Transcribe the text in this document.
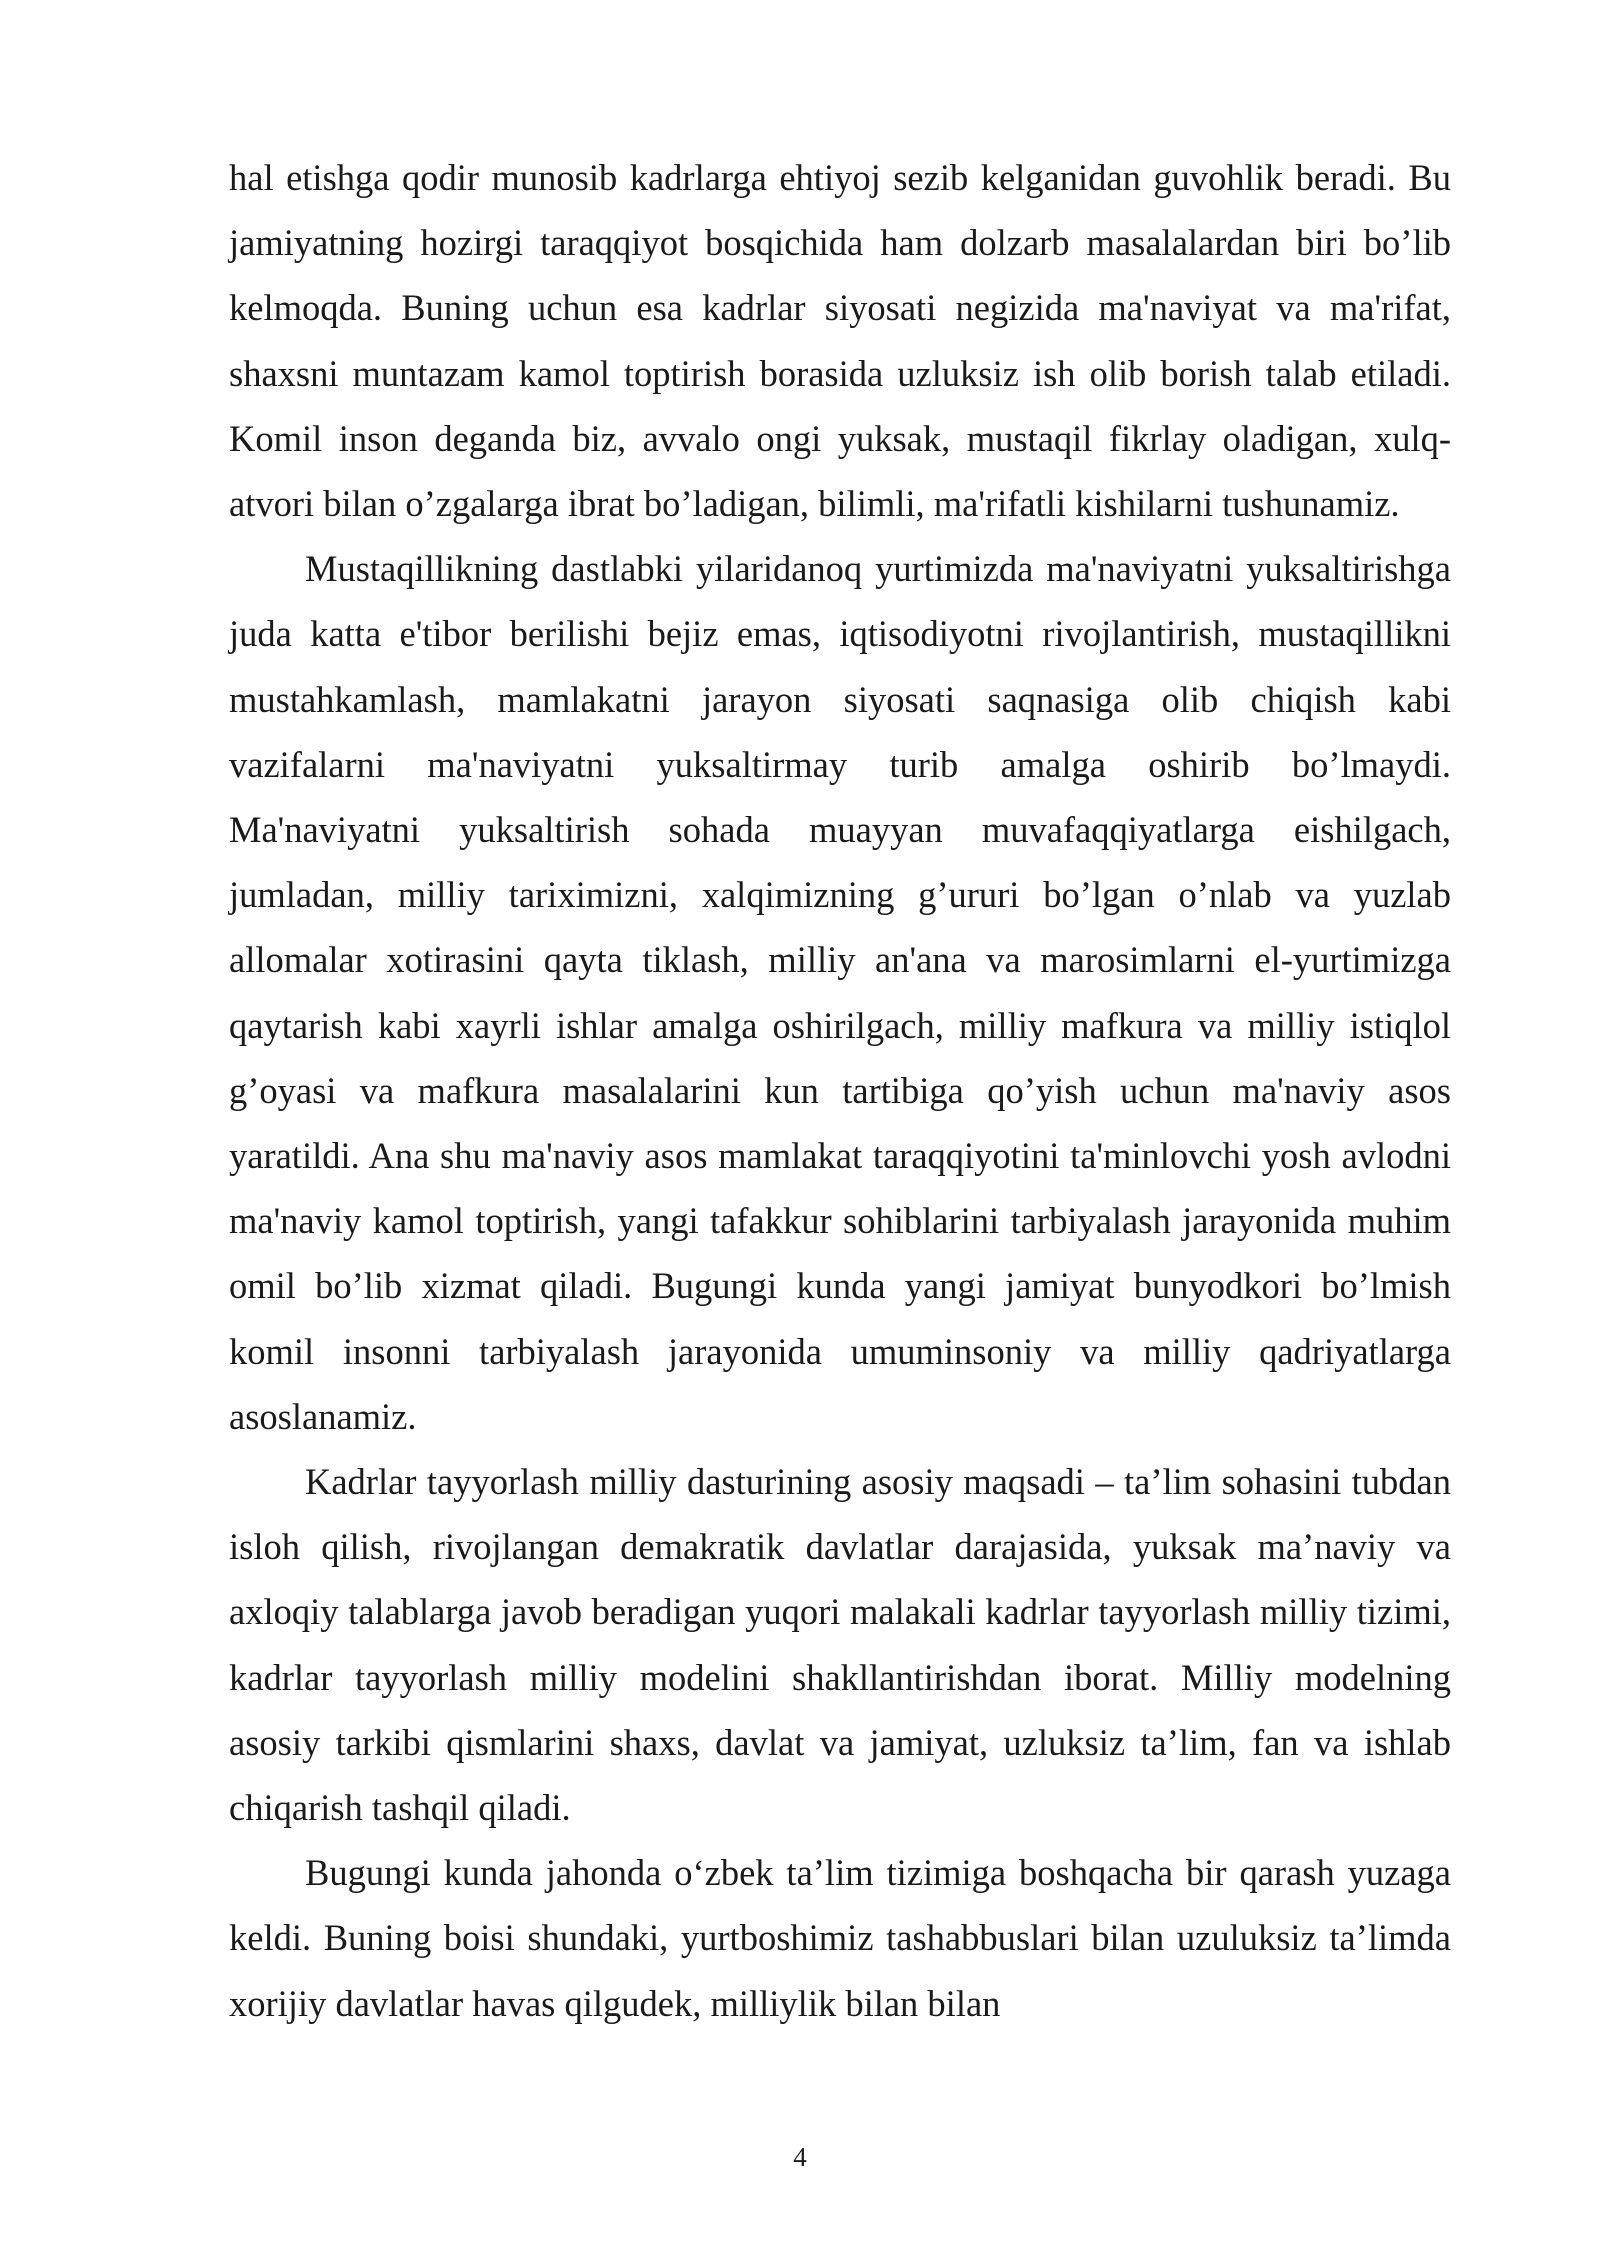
hal etishga qodir munosib kadrlarga ehtiyoj sezib kelganidan guvohlik beradi. Bu jamiyatning hozirgi taraqqiyot bosqichida ham dolzarb masalalardan biri bo’lib kelmoqda. Buning uchun esa kadrlar siyosati negizida ma'naviyat va ma'rifat, shaxsni muntazam kamol toptirish borasida uzluksiz ish olib borish talab etiladi. Komil inson deganda biz, avvalo ongi yuksak, mustaqil fikrlay oladigan, xulq-atvori bilan o’zgalarga ibrat bo’ladigan, bilimli, ma'rifatli kishilarni tushunamiz.

Mustaqillikning dastlabki yilaridanoq yurtimizda ma'naviyatni yuksaltirishga juda katta e'tibor berilishi bejiz emas, iqtisodiyotni rivojlantirish, mustaqillikni mustahkamlash, mamlakatni jarayon siyosati saqnasiga olib chiqish kabi vazifalarni ma'naviyatni yuksaltirmay turib amalga oshirib bo’lmaydi. Ma'naviyatni yuksaltirish sohada muayyan muvafaqqiyatlarga eishilgach, jumladan, milliy tariximizni, xalqimizning g’ururi bo’lgan o’nlab va yuzlab allomalar xotirasini qayta tiklash, milliy an'ana va marosimlarni el-yurtimizga qaytarish kabi xayrli ishlar amalga oshirilgach, milliy mafkura va milliy istiqlol g’oyasi va mafkura masalalarini kun tartibiga qo’yish uchun ma'naviy asos yaratildi. Ana shu ma'naviy asos mamlakat taraqqiyotini ta'minlovchi yosh avlodni ma'naviy kamol toptirish, yangi tafakkur sohiblarini tarbiyalash jarayonida muhim omil bo’lib xizmat qiladi. Bugungi kunda yangi jamiyat bunyodkori bo’lmish komil insonni tarbiyalash jarayonida umuminsoniy va milliy qadriyatlarga asoslanamiz.

Kadrlar tayyorlash milliy dasturining asosiy maqsadi – ta’lim sohasini tubdan isloh qilish, rivojlangan demakratik davlatlar darajasida, yuksak ma’naviy va axloqiy talablarga javob beradigan yuqori malakali kadrlar tayyorlash milliy tizimi, kadrlar tayyorlash milliy modelini shakllantirishdan iborat. Milliy modelning asosiy tarkibi qismlarini shaxs, davlat va jamiyat, uzluksiz ta’lim, fan va ishlab chiqarish tashqil qiladi.

Bugungi kunda jahonda o‘zbek ta’lim tizimiga boshqacha bir qarash yuzaga keldi. Buning boisi shundaki, yurtboshimiz tashabbuslari bilan uzuluksiz ta’limda xorijiy davlatlar havas qilgudek, milliylik bilan bilan

4
